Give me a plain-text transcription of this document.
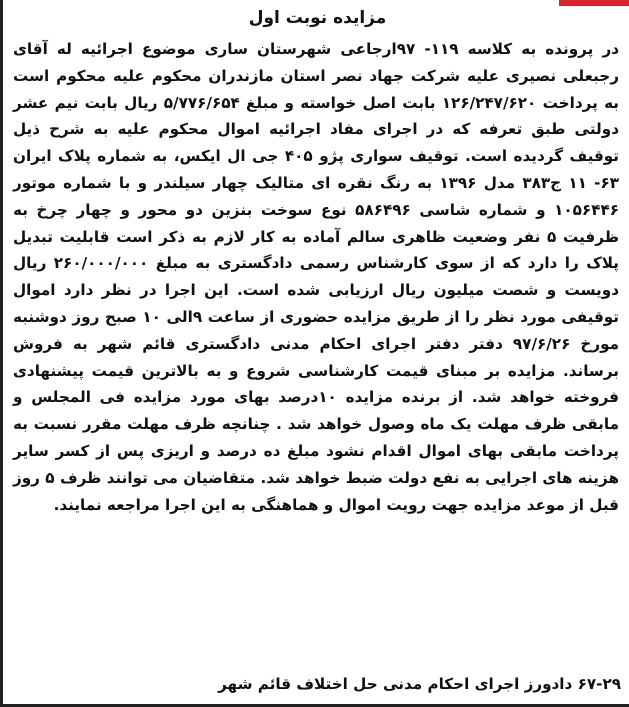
مزایده نوبت اول

در پرونده به کلاسه ۱۱۹- ۹۷ارجاعی شهرستان ساری موضوع اجرائیه له آقای رجبعلی نصیری علیه شرکت جهاد نصر استان مازندران محکوم علیه محکوم است به پرداخت ۱۲۶/۲۴۷/۶۲۰ بابت اصل خواسته و مبلغ ۵/۷۷۶/۶۵۴ ریال بابت نیم عشر دولتی طبق تعرفه که در اجرای مفاد اجرائیه اموال محکوم علیه به شرح ذیل توقیف گردیده است. توقیف سواری پژو ۴۰۵ جی ال ایکس، به شماره پلاک ایران ۶۳- ۱۱ ج۳۸۳ مدل ۱۳۹۶ به رنگ نقره ای متالیک چهار سیلندر و با شماره موتور ۱۰۵۶۴۴۶ و شماره شاسی ۵۸۶۴۹۶ نوع سوخت بنزین دو محور و چهار چرخ به ظرفیت ۵ نفر وضعیت ظاهری سالم آماده به کار لازم به ذکر است قابلیت تبدیل پلاک را دارد که از سوی کارشناس رسمی دادگستری به مبلغ ۲۶۰/۰۰۰/۰۰۰ ریال دویست و شصت میلیون ریال ارزیابی شده است. این اجرا در نظر دارد اموال توقیفی مورد نظر را از طریق مزایده حضوری از ساعت ۹الی ۱۰ صبح روز دوشنبه مورخ ۹۷/۶/۲۶ دفتر دفتر اجرای احکام مدنی دادگستری قائم شهر به فروش برساند. مزایده بر مبنای قیمت کارشناسی شروع و به بالاترین قیمت پیشنهادی فروخته خواهد شد. از برنده مزایده ۱۰درصد بهای مورد مزایده فی المجلس و مابقی ظرف مهلت یک ماه وصول خواهد شد . چنانچه ظرف مهلت مقرر نسبت به پرداخت مابقی بهای اموال اقدام نشود مبلغ ده درصد و اریزی پس از کسر سایر هزینه های اجرایی به نفع دولت ضبط خواهد شد. متقاضیان می توانند ظرف ۵ روز قبل از موعد مزایده جهت رویت اموال و هماهنگی به این اجرا مراجعه نمایند.

۶۷-۲۹ دادورز اجرای احکام مدنی حل اختلاف قائم شهر
